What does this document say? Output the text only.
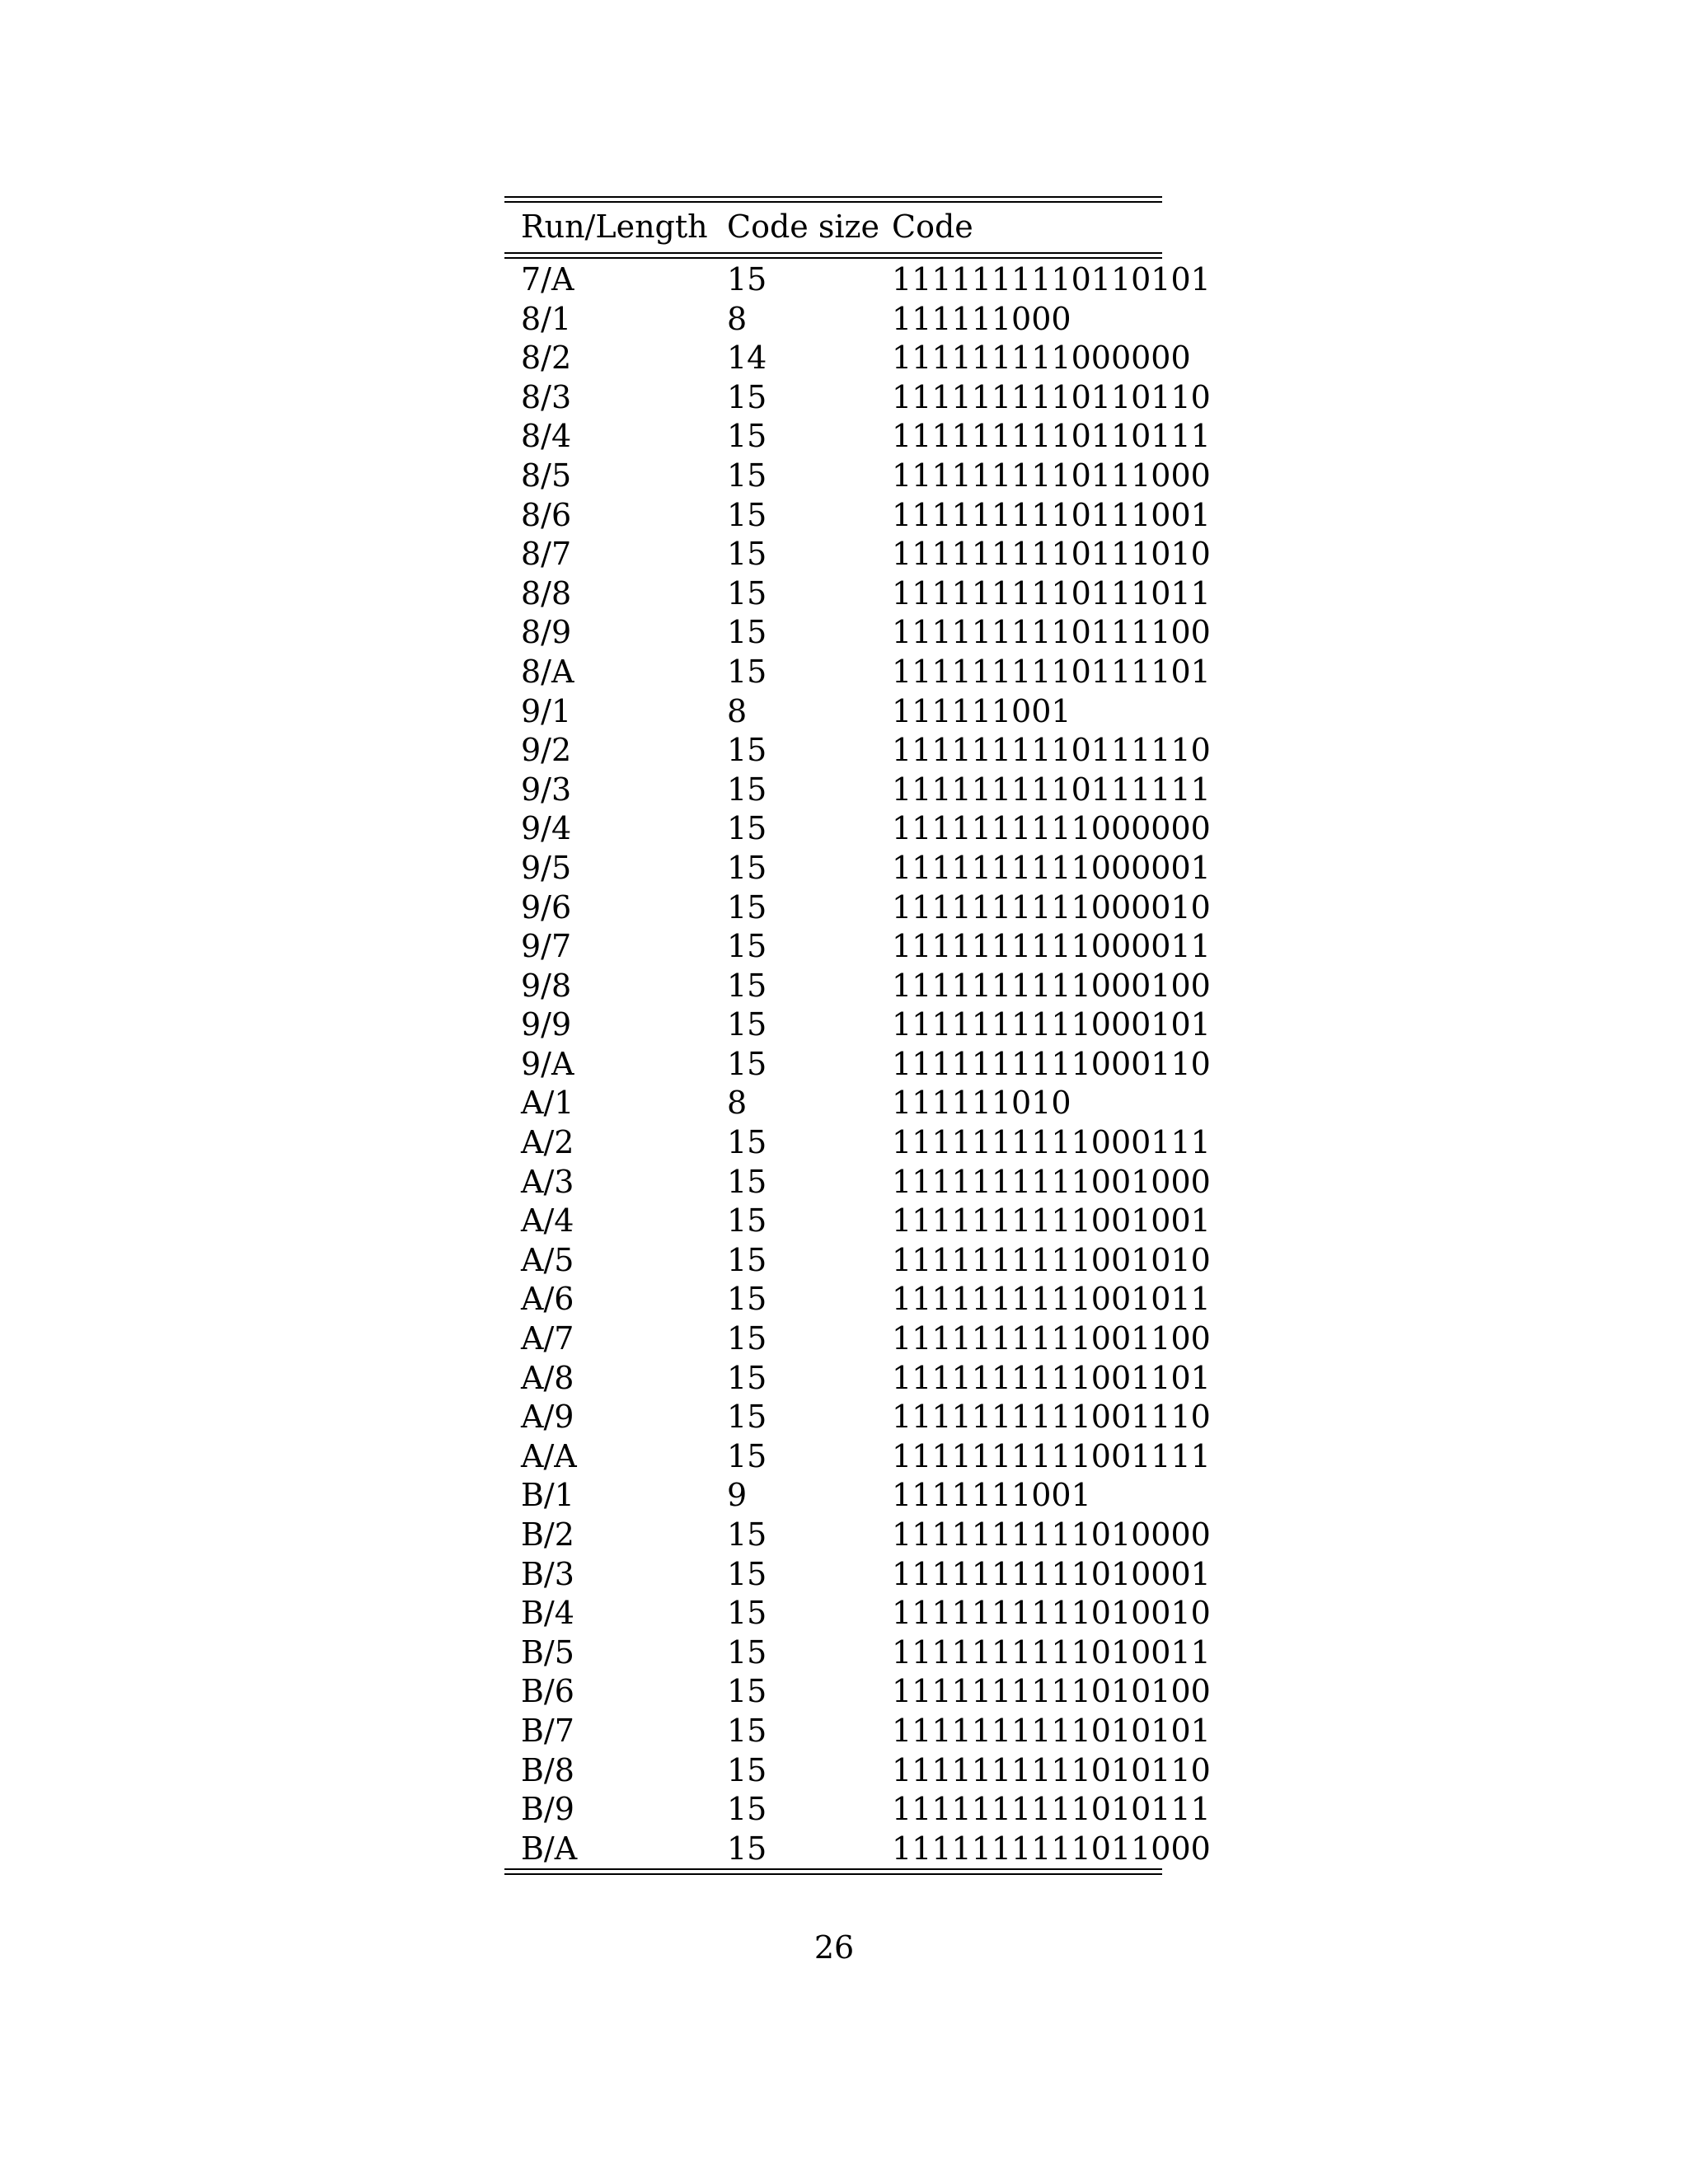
Run/Length	Code size	Code

7/A	15	1111111110110101
8/1	8	111111000
8/2	14	111111111000000
8/3	15	1111111110110110
8/4	15	1111111110110111
8/5	15	1111111110111000
8/6	15	1111111110111001
8/7	15	1111111110111010
8/8	15	1111111110111011
8/9	15	1111111110111100
8/A	15	1111111110111101
9/1	8	111111001
9/2	15	1111111110111110
9/3	15	1111111110111111
9/4	15	1111111111000000
9/5	15	1111111111000001
9/6	15	1111111111000010
9/7	15	1111111111000011
9/8	15	1111111111000100
9/9	15	1111111111000101
9/A	15	1111111111000110
A/1	8	111111010
A/2	15	1111111111000111
A/3	15	1111111111001000
A/4	15	1111111111001001
A/5	15	1111111111001010
A/6	15	1111111111001011
A/7	15	1111111111001100
A/8	15	1111111111001101
A/9	15	1111111111001110
A/A	15	1111111111001111
B/1	9	1111111001
B/2	15	1111111111010000
B/3	15	1111111111010001
B/4	15	1111111111010010
B/5	15	1111111111010011
B/6	15	1111111111010100
B/7	15	1111111111010101
B/8	15	1111111111010110
B/9	15	1111111111010111
B/A	15	1111111111011000
26
